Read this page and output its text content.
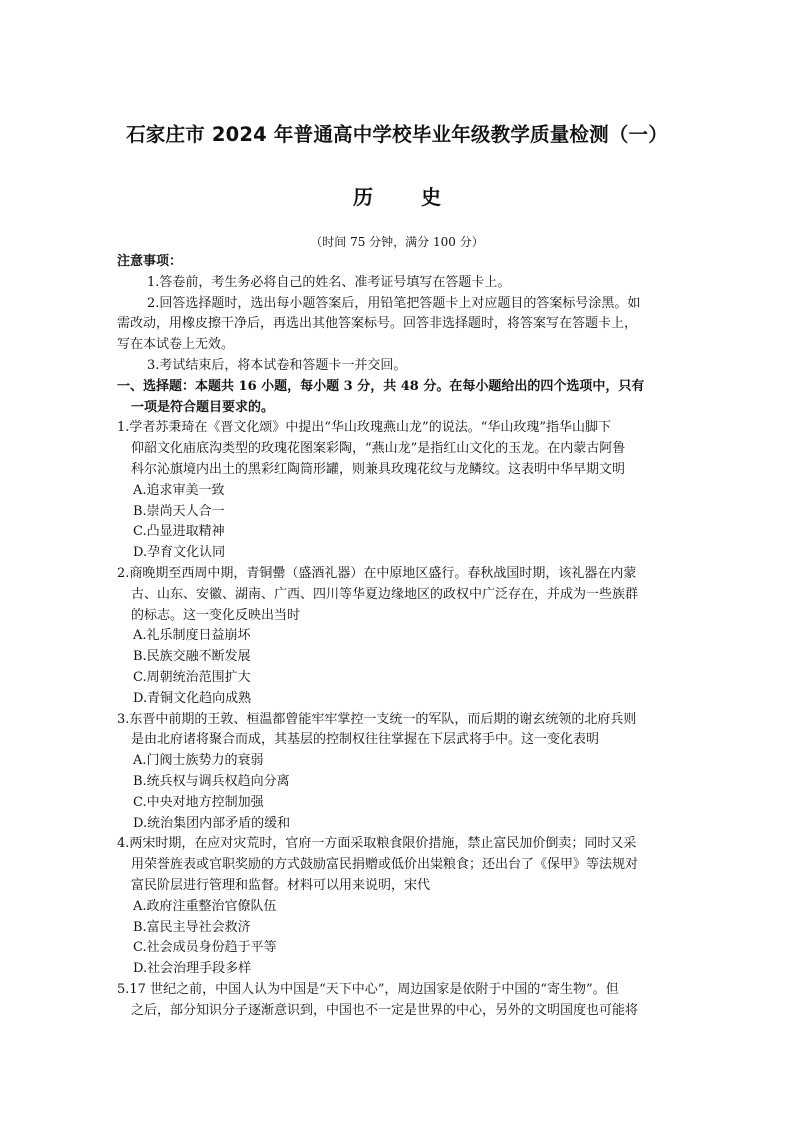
石家庄市 2024 年普通高中学校毕业年级教学质量检测（一）
历　史
（时间 75 分钟，满分 100 分）
注意事项：
1.答卷前，考生务必将自己的姓名、准考证号填写在答题卡上。
2.回答选择题时，选出每小题答案后，用铅笔把答题卡上对应题目的答案标号涂黑。如
需改动，用橡皮擦干净后，再选出其他答案标号。回答非选择题时，将答案写在答题卡上，
写在本试卷上无效。
3.考试结束后，将本试卷和答题卡一并交回。
一、选择题：本题共 16 小题，每小题 3 分，共 48 分。在每小题给出的四个选项中，只有
一项是符合题目要求的。
1.学者苏秉琦在《晋文化颂》中提出“华山玫瑰燕山龙”的说法。“华山玫瑰”指华山脚下
仰韶文化庙底沟类型的玫瑰花图案彩陶，“燕山龙”是指红山文化的玉龙。在内蒙古阿鲁
科尔沁旗境内出土的黑彩红陶筒形罐，则兼具玫瑰花纹与龙鳞纹。这表明中华早期文明
A.追求审美一致
B.崇尚天人合一
C.凸显进取精神
D.孕育文化认同
2.商晚期至西周中期，青铜罍（盛酒礼器）在中原地区盛行。春秋战国时期，该礼器在内蒙
古、山东、安徽、湖南、广西、四川等华夏边缘地区的政权中广泛存在，并成为一些族群
的标志。这一变化反映出当时
A.礼乐制度日益崩坏
B.民族交融不断发展
C.周朝统治范围扩大
D.青铜文化趋向成熟
3.东晋中前期的王敦、桓温都曾能牢牢掌控一支统一的军队，而后期的谢玄统领的北府兵则
是由北府诸将聚合而成，其基层的控制权往往掌握在下层武将手中。这一变化表明
A.门阀士族势力的衰弱
B.统兵权与调兵权趋向分离
C.中央对地方控制加强
D.统治集团内部矛盾的缓和
4.两宋时期，在应对灾荒时，官府一方面采取粮食限价措施，禁止富民加价倒卖；同时又采
用荣誉旌表或官职奖励的方式鼓励富民捐赠或低价出粜粮食；还出台了《保甲》等法规对
富民阶层进行管理和监督。材料可以用来说明，宋代
A.政府注重整治官僚队伍
B.富民主导社会救济
C.社会成员身份趋于平等
D.社会治理手段多样
5.17 世纪之前，中国人认为中国是“天下中心”，周边国家是依附于中国的“寄生物”。但
之后，部分知识分子逐渐意识到，中国也不一定是世界的中心，另外的文明国度也可能将
